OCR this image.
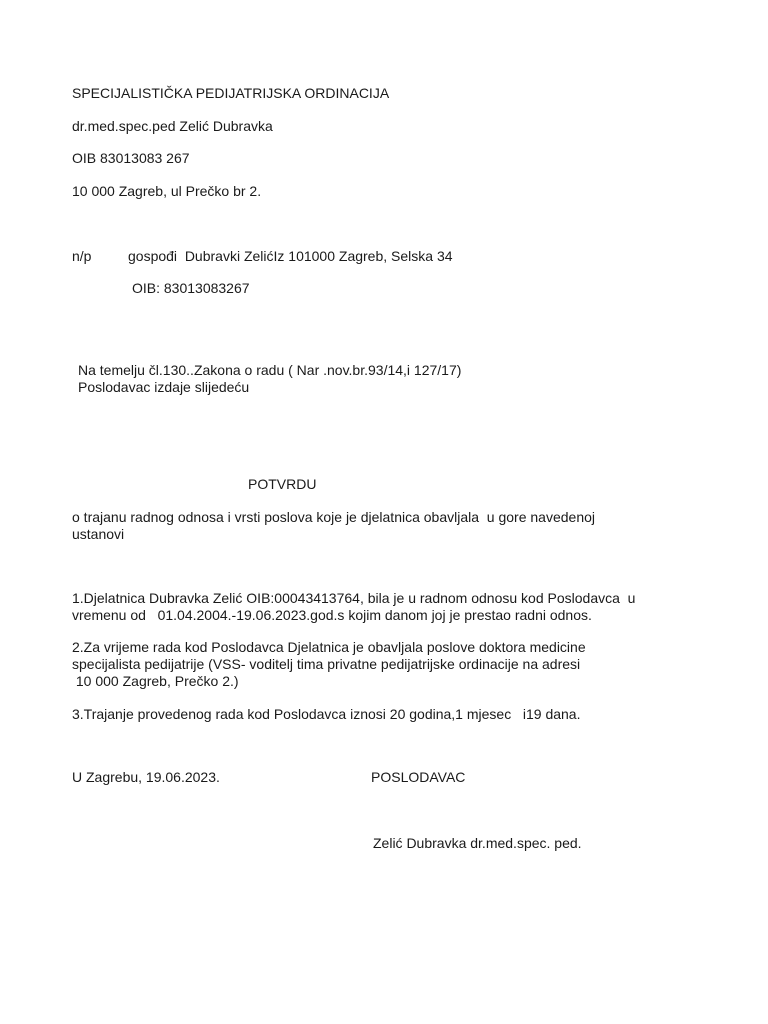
SPECIJALISTIČKA PEDIJATRIJSKA ORDINACIJA

dr.med.spec.ped Zelić Dubravka

OIB 83013083 267

10 000 Zagreb, ul Prečko br 2.

n/p	gospođi  Dubravki ZelićIz 101000 Zagreb, Selska 34

OIB: 83013083267

Na temelju čl.130..Zakona o radu ( Nar .nov.br.93/14,i 127/17)

Poslodavac izdaje slijedeću

POTVRDU

o trajanu radnog odnosa i vrsti poslova koje je djelatnica obavljala  u gore navedenoj
ustanovi
1.Djelatnica Dubravka Zelić OIB:00043413764, bila je u radnom odnosu kod Poslodavca  u
vremenu od   01.04.2004.-19.06.2023.god.s kojim danom joj je prestao radni odnos.
2.Za vrijeme rada kod Poslodavca Djelatnica je obavljala poslove doktora medicine
specijalista pedijatrije (VSS- voditelj tima privatne pedijatrijske ordinacije na adresi
10 000 Zagreb, Prečko 2.)
3.Trajanje provedenog rada kod Poslodavca iznosi 20 godina,1 mjesec   i19 dana.

U Zagrebu, 19.06.2023.	POSLODAVAC

Zelić Dubravka dr.med.spec. ped.
